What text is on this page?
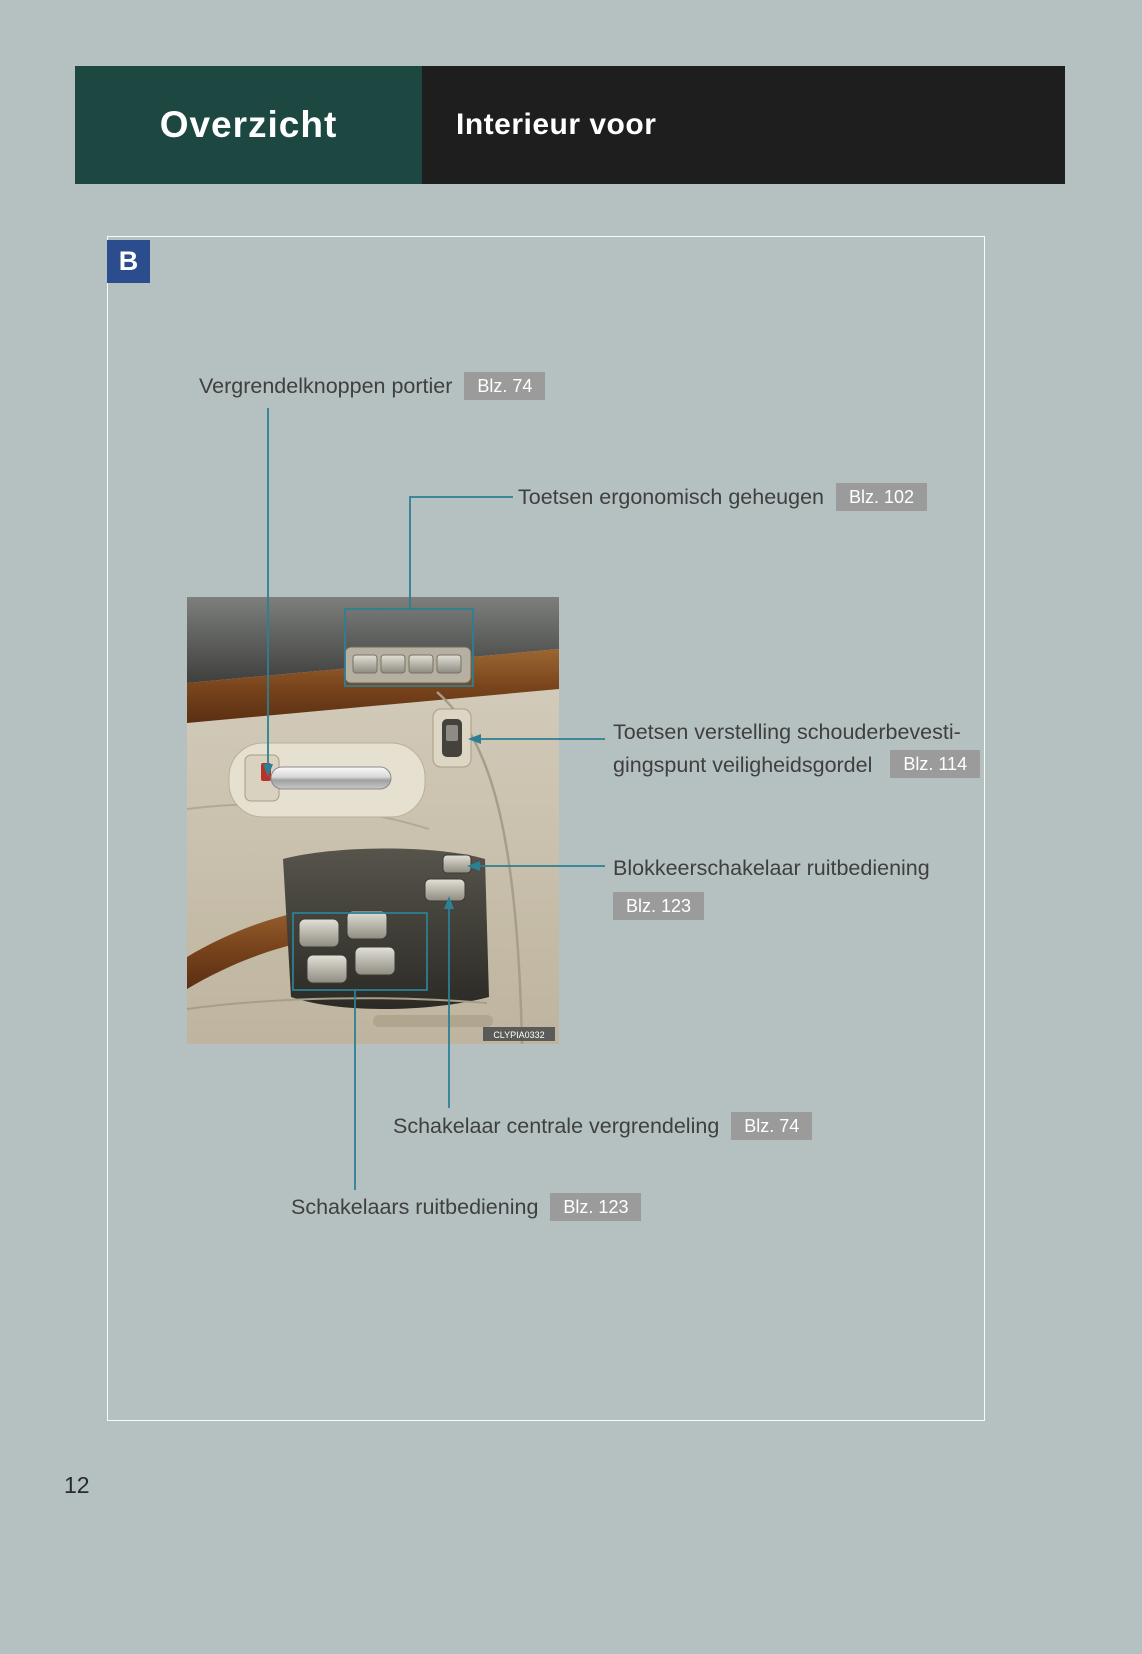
Overzicht	Interieur voor
B
CLYPIA0332
Vergrendelknoppen portier	Blz. 74
Toetsen ergonomisch geheugen	Blz. 102
Toetsen verstelling schouderbevesti-
gingspunt veiligheidsgordel Blz. 114
Blokkeerschakelaar ruitbediening
Blz. 123
Schakelaar centrale vergrendeling	Blz. 74
Schakelaars ruitbediening	Blz. 123
12
